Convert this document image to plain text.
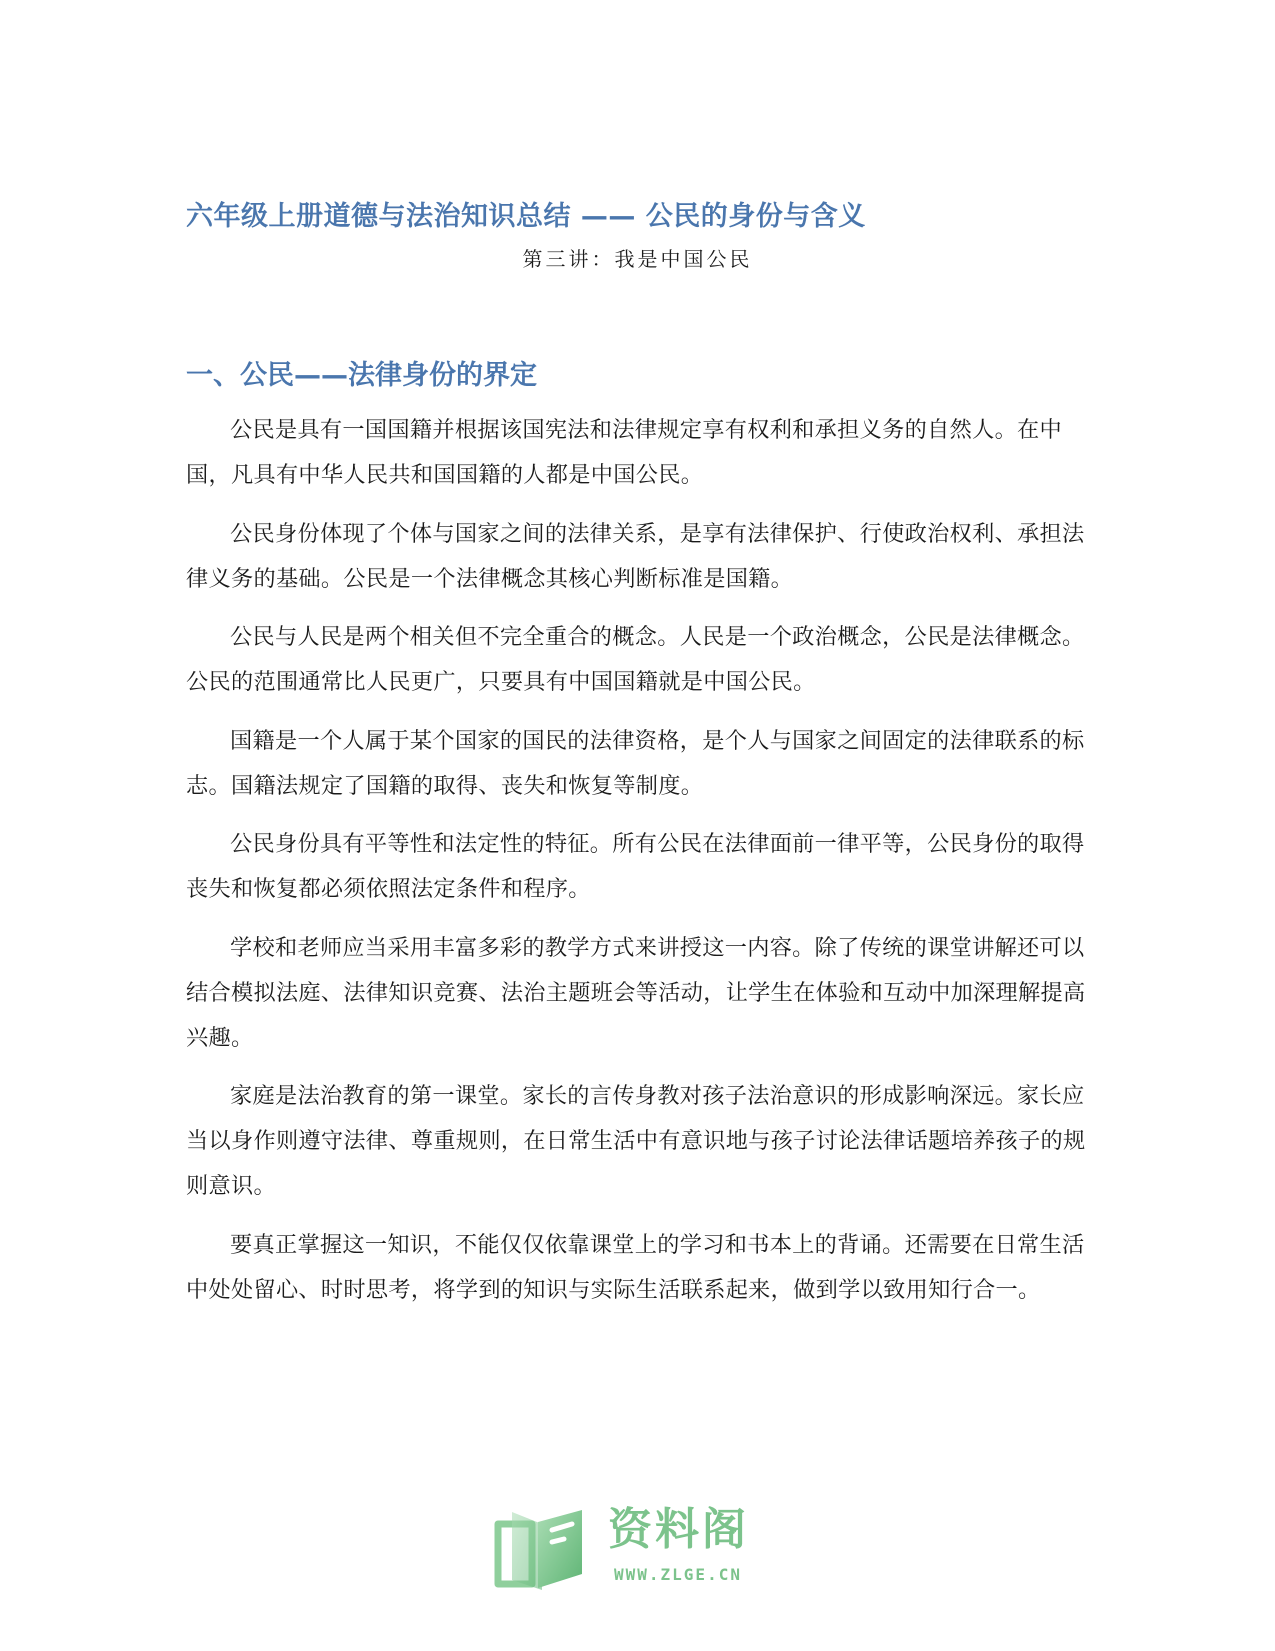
六年级上册道德与法治知识总结 —— 公民的身份与含义
第三讲：我是中国公民
一、公民——法律身份的界定

公民是具有一国国籍并根据该国宪法和法律规定享有权利和承担义务的自然人。在中国，凡具有中华人民共和国国籍的人都是中国公民。

公民身份体现了个体与国家之间的法律关系，是享有法律保护、行使政治权利、承担法律义务的基础。公民是一个法律概念其核心判断标准是国籍。

公民与人民是两个相关但不完全重合的概念。人民是一个政治概念，公民是法律概念。公民的范围通常比人民更广，只要具有中国国籍就是中国公民。

国籍是一个人属于某个国家的国民的法律资格，是个人与国家之间固定的法律联系的标志。国籍法规定了国籍的取得、丧失和恢复等制度。

公民身份具有平等性和法定性的特征。所有公民在法律面前一律平等，公民身份的取得丧失和恢复都必须依照法定条件和程序。

学校和老师应当采用丰富多彩的教学方式来讲授这一内容。除了传统的课堂讲解还可以结合模拟法庭、法律知识竞赛、法治主题班会等活动，让学生在体验和互动中加深理解提高兴趣。

家庭是法治教育的第一课堂。家长的言传身教对孩子法治意识的形成影响深远。家长应当以身作则遵守法律、尊重规则，在日常生活中有意识地与孩子讨论法律话题培养孩子的规则意识。

要真正掌握这一知识，不能仅仅依靠课堂上的学习和书本上的背诵。还需要在日常生活中处处留心、时时思考，将学到的知识与实际生活联系起来，做到学以致用知行合一。

资料阁
WWW.ZLGE.CN
